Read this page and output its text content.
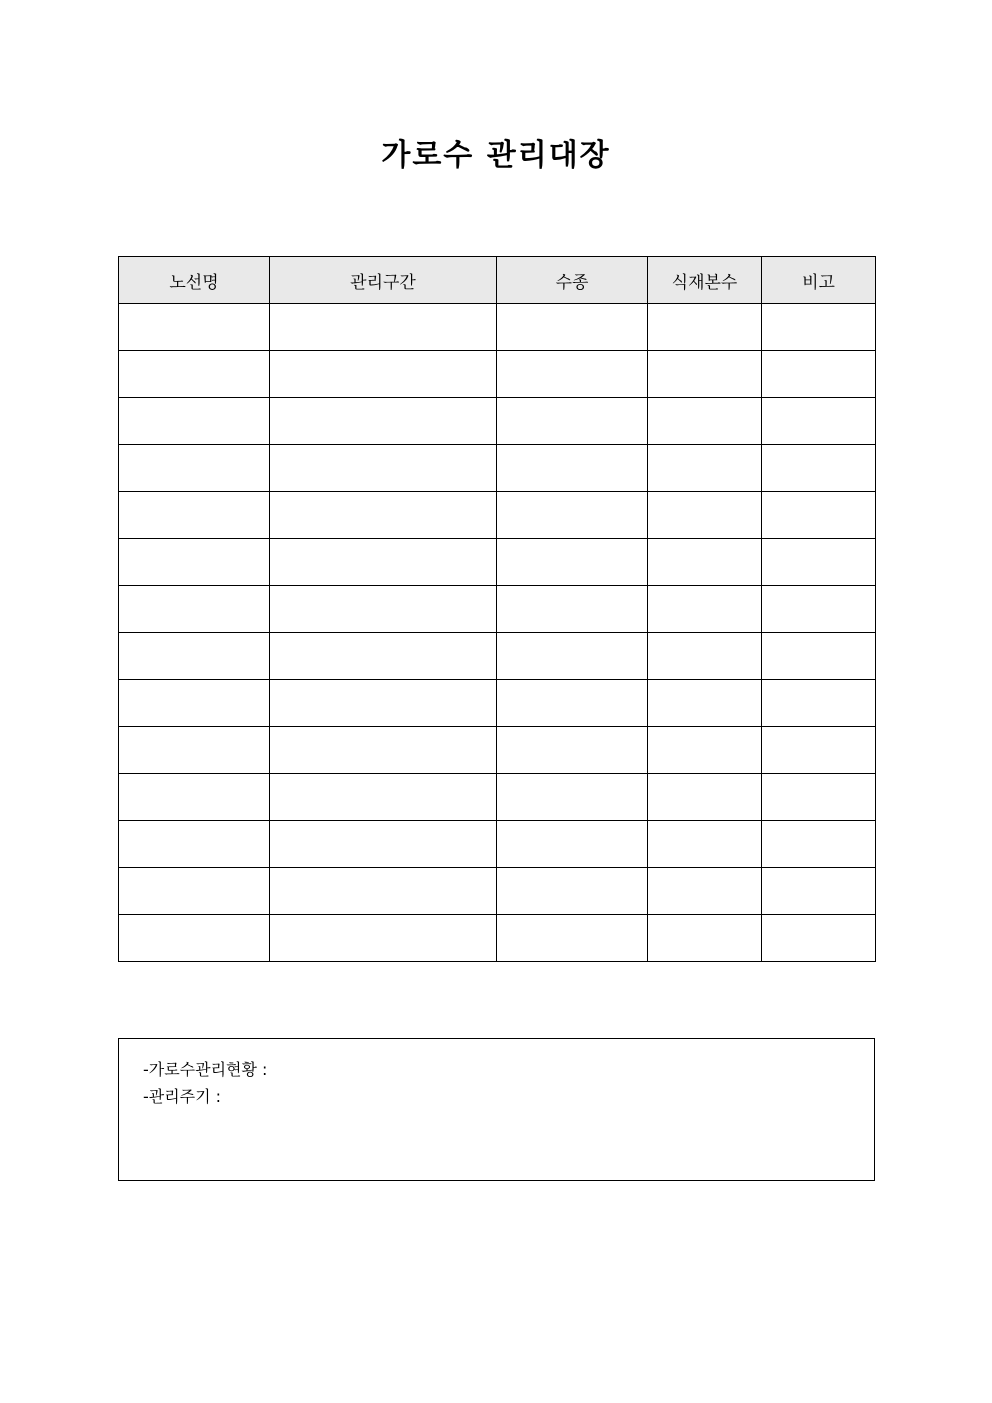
가로수 관리대장
노선명	관리구간	수종	식재본수	비고

-가로수관리현황 :
-관리주기 :
